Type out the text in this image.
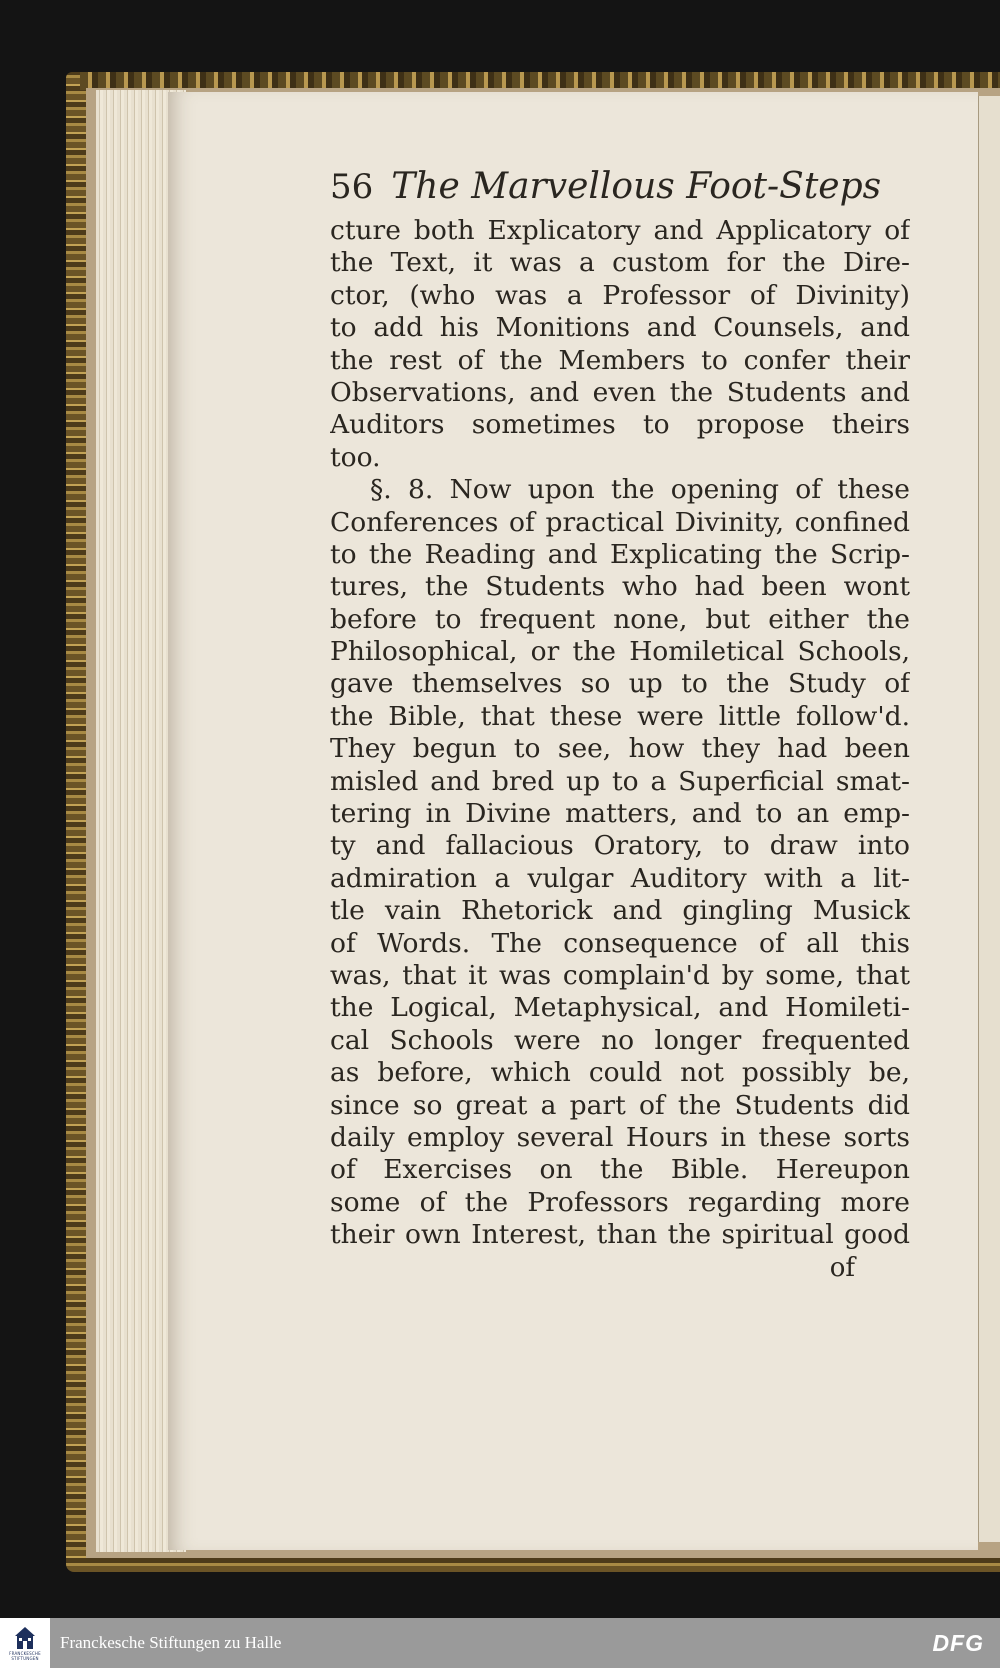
56 The Marvellous Foot-Steps
cture both Explicatory and Applicatory of
the Text, it was a custom for the Dire-
ctor, (who was a Professor of Divinity)
to add his Monitions and Counsels, and
the rest of the Members to confer their
Observations, and even the Students and
Auditors sometimes to propose theirs
too.
§. 8. Now upon the opening of these
Conferences of practical Divinity, confined
to the Reading and Explicating the Scrip-
tures, the Students who had been wont
before to frequent none, but either the
Philosophical, or the Homiletical Schools,
gave themselves so up to the Study of
the Bible, that these were little follow'd.
They begun to see, how they had been
misled and bred up to a Superficial smat-
tering in Divine matters, and to an emp-
ty and fallacious Oratory, to draw into
admiration a vulgar Auditory with a lit-
tle vain Rhetorick and gingling Musick
of Words. The consequence of all this
was, that it was complain'd by some, that
the Logical, Metaphysical, and Homileti-
cal Schools were no longer frequented
as before, which could not possibly be,
since so great a part of the Students did
daily employ several Hours in these sorts
of Exercises on the Bible. Hereupon
some of the Professors regarding more
their own Interest, than the spiritual good
of
FRANCKESCHE STIFTUNGEN
Franckesche Stiftungen zu Halle	DFG
